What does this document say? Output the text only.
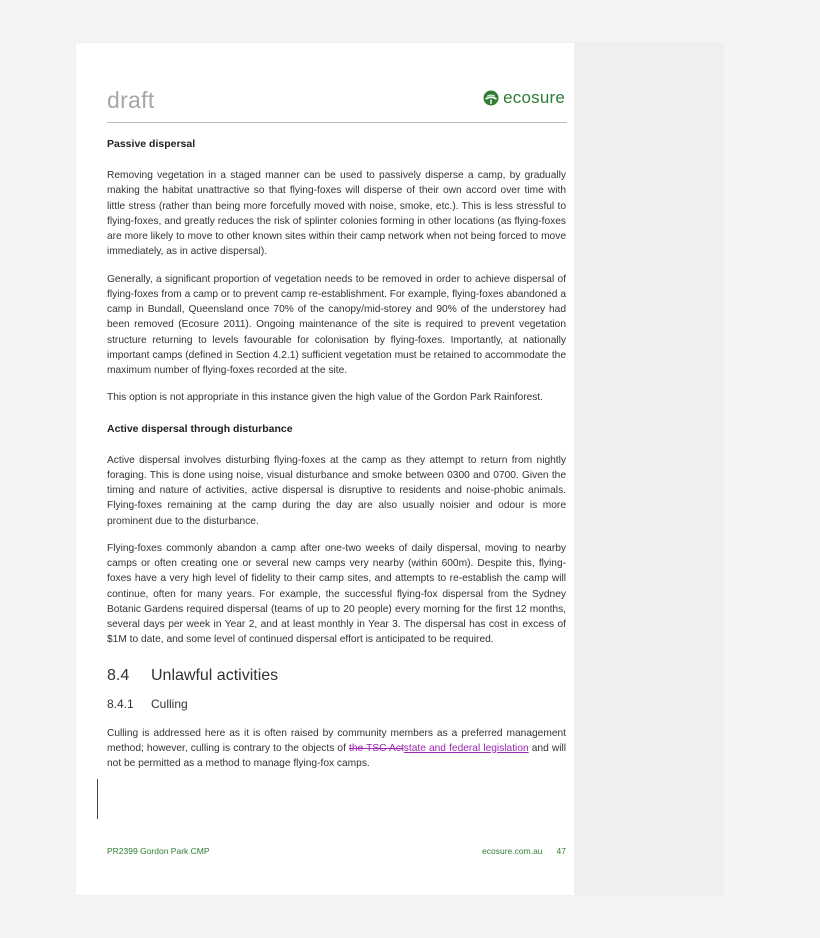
draft	ecosure
Passive dispersal

Removing vegetation in a staged manner can be used to passively disperse a camp, by gradually making the habitat unattractive so that flying-foxes will disperse of their own accord over time with little stress (rather than being more forcefully moved with noise, smoke, etc.). This is less stressful to flying-foxes, and greatly reduces the risk of splinter colonies forming in other locations (as flying-foxes are more likely to move to other known sites within their camp network when not being forced to move immediately, as in active dispersal).

Generally, a significant proportion of vegetation needs to be removed in order to achieve dispersal of flying-foxes from a camp or to prevent camp re-establishment. For example, flying-foxes abandoned a camp in Bundall, Queensland once 70% of the canopy/mid-storey and 90% of the understorey had been removed (Ecosure 2011). Ongoing maintenance of the site is required to prevent vegetation structure returning to levels favourable for colonisation by flying-foxes. Importantly, at nationally important camps (defined in Section 4.2.1) sufficient vegetation must be retained to accommodate the maximum number of flying-foxes recorded at the site.

This option is not appropriate in this instance given the high value of the Gordon Park Rainforest.

Active dispersal through disturbance

Active dispersal involves disturbing flying-foxes at the camp as they attempt to return from nightly foraging. This is done using noise, visual disturbance and smoke between 0300 and 0700. Given the timing and nature of activities, active dispersal is disruptive to residents and noise-phobic animals. Flying-foxes remaining at the camp during the day are also usually noisier and odour is more prominent due to the disturbance.

Flying-foxes commonly abandon a camp after one-two weeks of daily dispersal, moving to nearby camps or often creating one or several new camps very nearby (within 600m). Despite this, flying-foxes have a very high level of fidelity to their camp sites, and attempts to re-establish the camp will continue, often for many years. For example, the successful flying-fox dispersal from the Sydney Botanic Gardens required dispersal (teams of up to 20 people) every morning for the first 12 months, several days per week in Year 2, and at least monthly in Year 3. The dispersal has cost in excess of $1M to date, and some level of continued dispersal effort is anticipated to be required.

8.4 Unlawful activities
8.4.1 Culling

Culling is addressed here as it is often raised by community members as a preferred management method; however, culling is contrary to the objects of the TSC Actstate and federal legislation and will not be permitted as a method to manage flying-fox camps.

PR2399 Gordon Park CMP	ecosure.com.au 47
